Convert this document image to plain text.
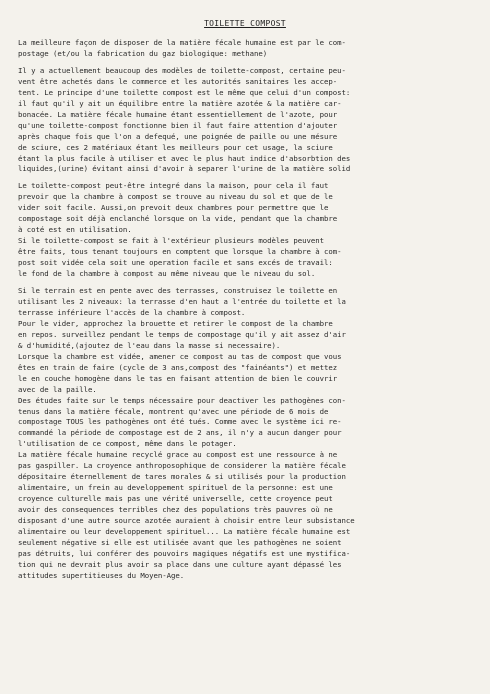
TOILETTE COMPOST
La meilleure façon de disposer de la matière fécale humaine est par le com-
postage (et/ou la fabrication du gaz biologique: methane)
Il y a actuellement beaucoup des modèles de toilette-compost, certaine peu-
vent être achetés dans le commerce et les autorités sanitaires les accep-
tent. Le principe d'une toilette compost est le même que celui d'un compost:
il faut qu'il y ait un équilibre entre la matière azotée & la matière car-
bonacée. La matière fécale humaine étant essentiellement de l'azote, pour
qu'une toilette-compost fonctionne bien il faut faire attention d'ajouter
après chaque fois que l'on a defequé, une poignée de paille ou une mésure
de sciure, ces 2 matériaux étant les meilleurs pour cet usage, la sciure
étant la plus facile à utiliser et avec le plus haut indice d'absorbtion des
liquides,(urine) évitant ainsi d'avoir à separer l'urine de la matière solid
Le toilette-compost peut-être integré dans la maison, pour cela il faut
prevoir que la chambre à compost se trouve au niveau du sol et que de le
vider soit facile. Aussi,on prevoit deux chambres pour permettre que le
compostage soit déjà enclanché lorsque on la vide, pendant que la chambre
à coté est en utilisation.
Si le toilette-compost se fait à l'extérieur plusieurs modèles peuvent
être faits, tous tenant toujours en comptent que lorsque la chambre à com-
post soit vidée cela soit une operation facile et sans excés de travail:
le fond de la chambre à compost au même niveau que le niveau du sol.
Si le terrain est en pente avec des terrasses, construisez le toilette en
utilisant les 2 niveaux: la terrasse d'en haut a l'entrée du toilette et la
terrasse inférieure l'accès de la chambre à compost.
Pour le vider, approchez la brouette et retirer le compost de la chambre
en repos. surveillez pendant le temps de compostage qu'il y ait assez d'air
& d'humidité,(ajoutez de l'eau dans la masse si necessaire).
Lorsque la chambre est vidée, amener ce compost au tas de compost que vous
êtes en train de faire (cycle de 3 ans,compost des "fainéants") et mettez
le en couche homogène dans le tas en faisant attention de bien le couvrir
avec de la paille.
Des études faite sur le temps nécessaire pour deactiver les pathogènes con-
tenus dans la matière fécale, montrent qu'avec une période de 6 mois de
compostage TOUS les pathogènes ont été tués. Comme avec le système ici re-
commandé la période de compostage est de 2 ans, il n'y a aucun danger pour
l'utilisation de ce compost, même dans le potager.
La matière fécale humaine recyclé grace au compost est une ressource à ne
pas gaspiller. La croyence anthroposophique de considerer la matière fécale
dépositaire éternellement de tares morales & si utilisés pour la production
alimentaire, un frein au developpement spirituel de la personne: est une
croyence culturelle mais pas une vérité universelle, cette croyence peut
avoir des consequences terribles chez des populations très pauvres où ne
disposant d'une autre source azotée auraient à choisir entre leur subsistance
alimentaire ou leur developpement spirituel... La matière fécale humaine est
seulement négative si elle est utilisée avant que les pathogènes ne soient
pas détruits, lui conférer des pouvoirs magiques négatifs est une mystifica-
tion qui ne devrait plus avoir sa place dans une culture ayant dépassé les
attitudes supertitieuses du Moyen-Age.
